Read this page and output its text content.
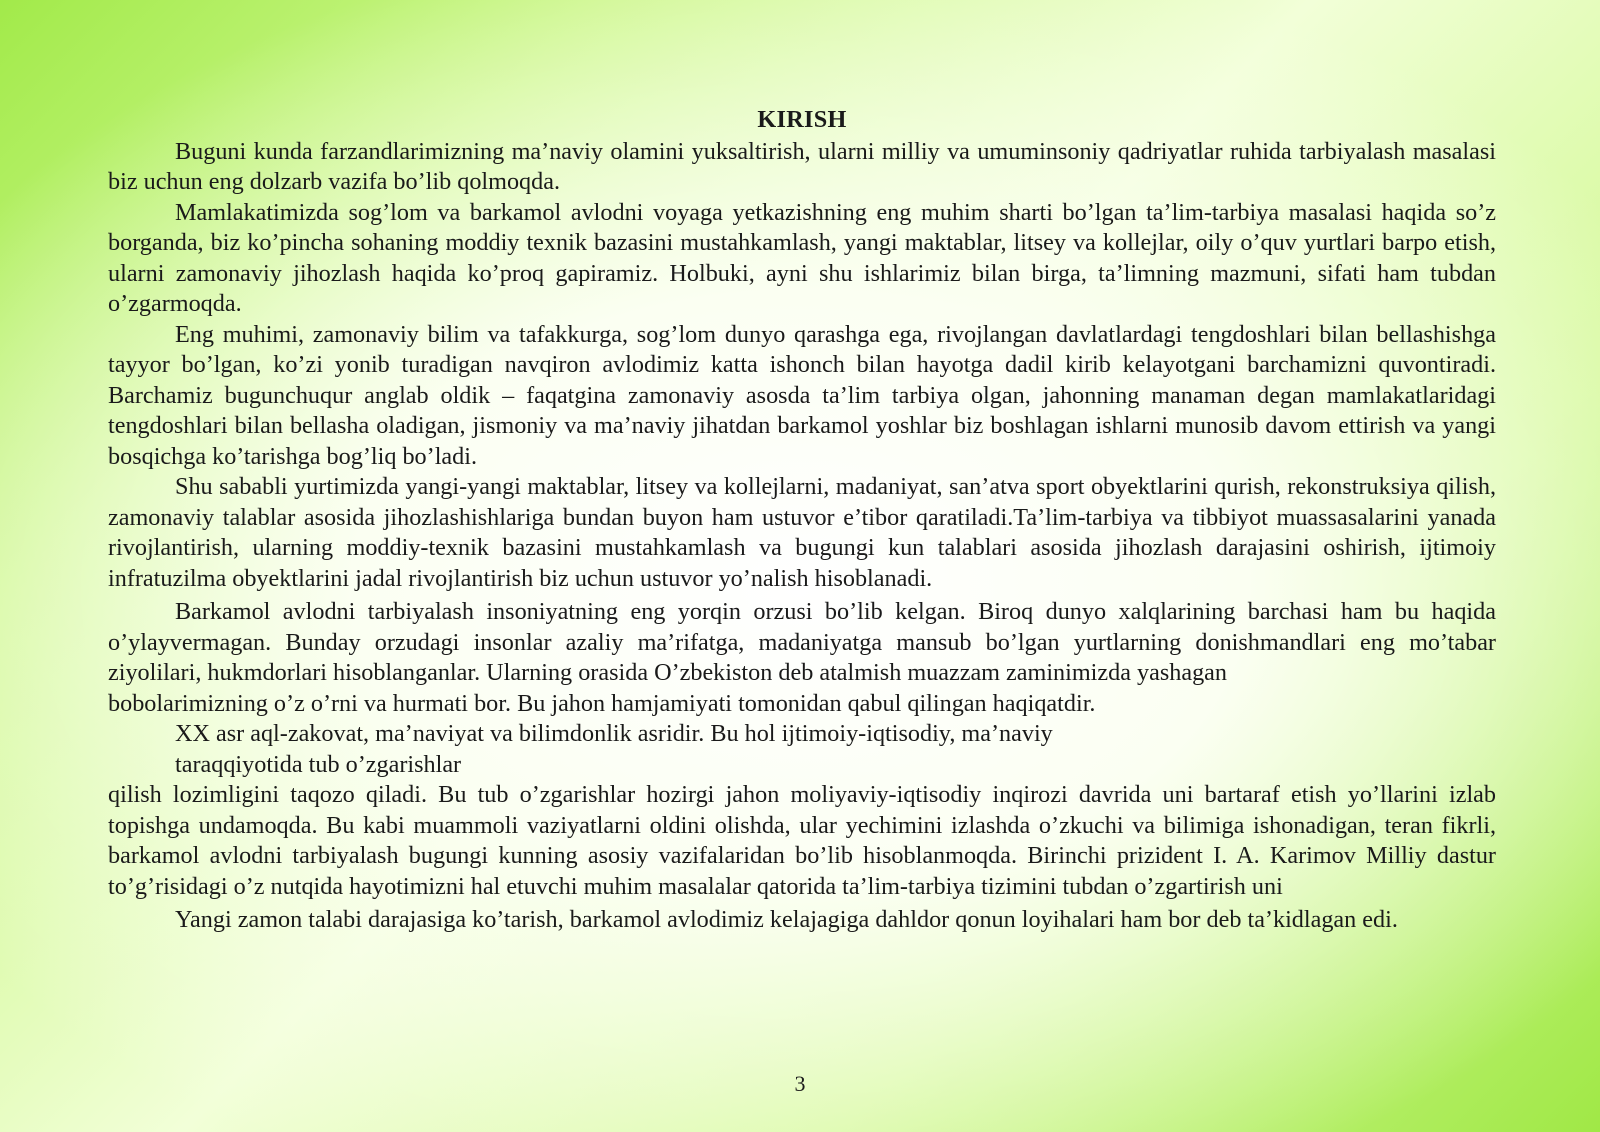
KIRISH

Buguni kunda farzandlarimizning ma’naviy olamini yuksaltirish, ularni milliy va umuminsoniy qadriyatlar ruhida tarbiyalash masalasi biz uchun eng dolzarb vazifa bo’lib qolmoqda.

Mamlakatimizda sog’lom va barkamol avlodni voyaga yetkazishning eng muhim sharti bo’lgan ta’lim-tarbiya masalasi haqida so’z borganda, biz ko’pincha sohaning moddiy texnik bazasini mustahkamlash, yangi maktablar, litsey va kollejlar, oily o’quv yurtlari barpo etish, ularni zamonaviy jihozlash haqida ko’proq gapiramiz. Holbuki, ayni shu ishlarimiz bilan birga, ta’limning mazmuni, sifati ham tubdan o’zgarmoqda.

Eng muhimi, zamonaviy bilim va tafakkurga, sog’lom dunyo qarashga ega, rivojlangan davlatlardagi tengdoshlari bilan bellashishga tayyor bo’lgan, ko’zi yonib turadigan navqiron avlodimiz katta ishonch bilan hayotga dadil kirib kelayotgani barchamizni quvontiradi. Barchamiz bugunchuqur anglab oldik – faqatgina zamonaviy asosda ta’lim tarbiya olgan, jahonning manaman degan mamlakatlaridagi tengdoshlari bilan bellasha oladigan, jismoniy va ma’naviy jihatdan barkamol yoshlar biz boshlagan ishlarni munosib davom ettirish va yangi bosqichga ko’tarishga bog’liq bo’ladi.

Shu sababli yurtimizda yangi-yangi maktablar, litsey va kollejlarni, madaniyat, san’atva sport obyektlarini qurish, rekonstruksiya qilish, zamonaviy talablar asosida jihozlashishlariga bundan buyon ham ustuvor e’tibor qaratiladi.Ta’lim-tarbiya va tibbiyot muassasalarini yanada rivojlantirish, ularning moddiy-texnik bazasini mustahkamlash va bugungi kun talablari asosida jihozlash darajasini oshirish, ijtimoiy infratuzilma obyektlarini jadal rivojlantirish biz uchun ustuvor yo’nalish hisoblanadi.

Barkamol avlodni tarbiyalash insoniyatning eng yorqin orzusi bo’lib kelgan. Biroq dunyo xalqlarining barchasi ham bu haqida o’ylayvermagan. Bunday orzudagi insonlar azaliy ma’rifatga, madaniyatga mansub bo’lgan yurtlarning donishmandlari eng mo’tabar ziyolilari, hukmdorlari hisoblanganlar. Ularning orasida O’zbekiston deb atalmish muazzam zaminimizda yashagan

bobolarimizning o’z o’rni va hurmati bor. Bu jahon hamjamiyati tomonidan qabul qilingan haqiqatdir.

XX asr aql-zakovat, ma’naviyat va bilimdonlik asridir. Bu hol ijtimoiy-iqtisodiy, ma’naviy

taraqqiyotida tub o’zgarishlar

qilish lozimligini taqozo qiladi. Bu tub o’zgarishlar hozirgi jahon moliyaviy-iqtisodiy inqirozi davrida uni bartaraf etish yo’llarini izlab topishga undamoqda. Bu kabi muammoli vaziyatlarni oldini olishda, ular yechimini izlashda o’zkuchi va bilimiga ishonadigan, teran fikrli, barkamol avlodni tarbiyalash bugungi kunning asosiy vazifalaridan bo’lib hisoblanmoqda. Birinchi prizident I. A. Karimov Milliy dastur to’g’risidagi o’z nutqida hayotimizni hal etuvchi muhim masalalar qatorida ta’lim-tarbiya tizimini tubdan o’zgartirish uni

Yangi zamon talabi darajasiga ko’tarish, barkamol avlodimiz kelajagiga dahldor qonun loyihalari ham bor deb ta’kidlagan edi.

3
